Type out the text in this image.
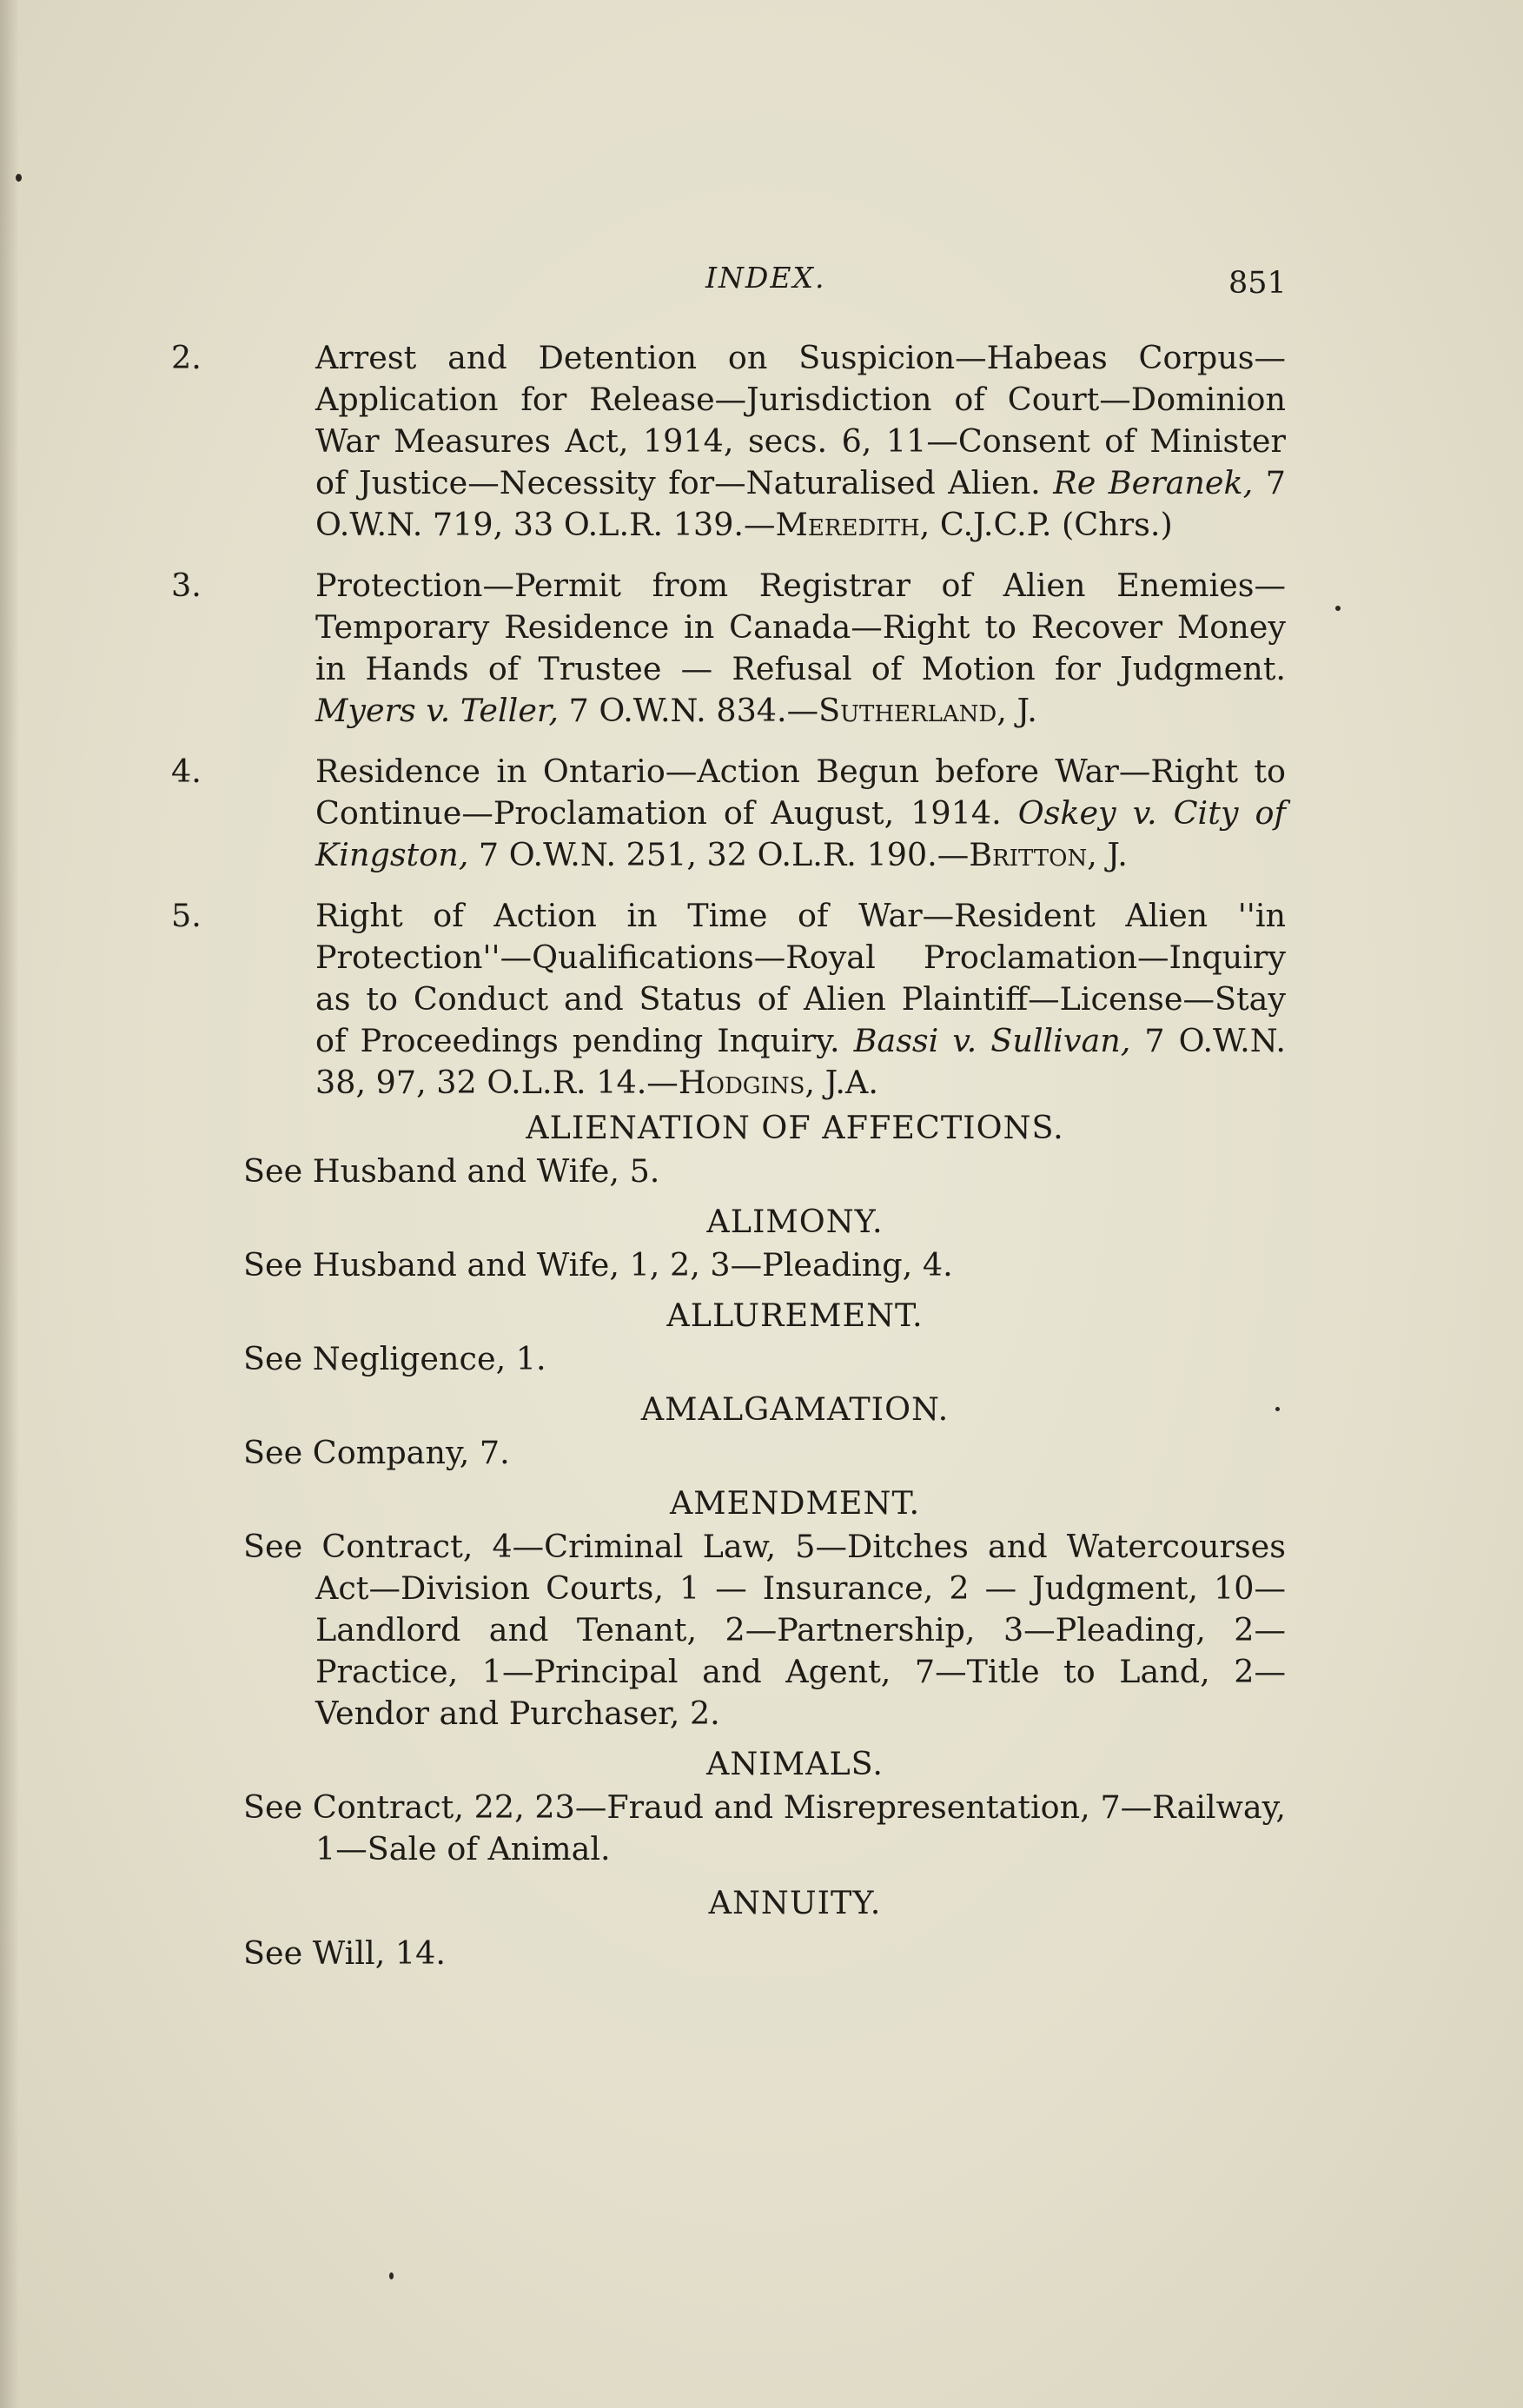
INDEX.	851

2.	Arrest and Detention on Suspicion—Habeas Corpus—Application for Release—Jurisdiction of Court—Dominion War Measures Act, 1914, secs. 6, 11—Consent of Minister of Justice—Necessity for—Naturalised Alien. Re Beranek, 7 O.W.N. 719, 33 O.L.R. 139.—Meredith, C.J.C.P. (Chrs.)

3.	Protection—Permit from Registrar of Alien Enemies—Temporary Residence in Canada—Right to Recover Money in Hands of Trustee — Refusal of Motion for Judgment. Myers v. Teller, 7 O.W.N. 834.—Sutherland, J.

4.	Residence in Ontario—Action Begun before War—Right to Continue—Proclamation of August, 1914. Oskey v. City of Kingston, 7 O.W.N. 251, 32 O.L.R. 190.—Britton, J.

5.	Right of Action in Time of War—Resident Alien ''in Protection''—Qualifications—Royal Proclamation—Inquiry as to Conduct and Status of Alien Plaintiff—License—Stay of Proceedings pending Inquiry. Bassi v. Sullivan, 7 O.W.N. 38, 97, 32 O.L.R. 14.—Hodgins, J.A.

ALIENATION OF AFFECTIONS.

See Husband and Wife, 5.

ALIMONY.

See Husband and Wife, 1, 2, 3—Pleading, 4.

ALLUREMENT.

See Negligence, 1.

AMALGAMATION.

See Company, 7.

AMENDMENT.

See Contract, 4—Criminal Law, 5—Ditches and Watercourses Act—Division Courts, 1 — Insurance, 2 — Judgment, 10—Landlord and Tenant, 2—Partnership, 3—Pleading, 2—Practice, 1—Principal and Agent, 7—Title to Land, 2—Vendor and Purchaser, 2.

ANIMALS.

See Contract, 22, 23—Fraud and Misrepresentation, 7—Railway, 1—Sale of Animal.

ANNUITY.

See Will, 14.
